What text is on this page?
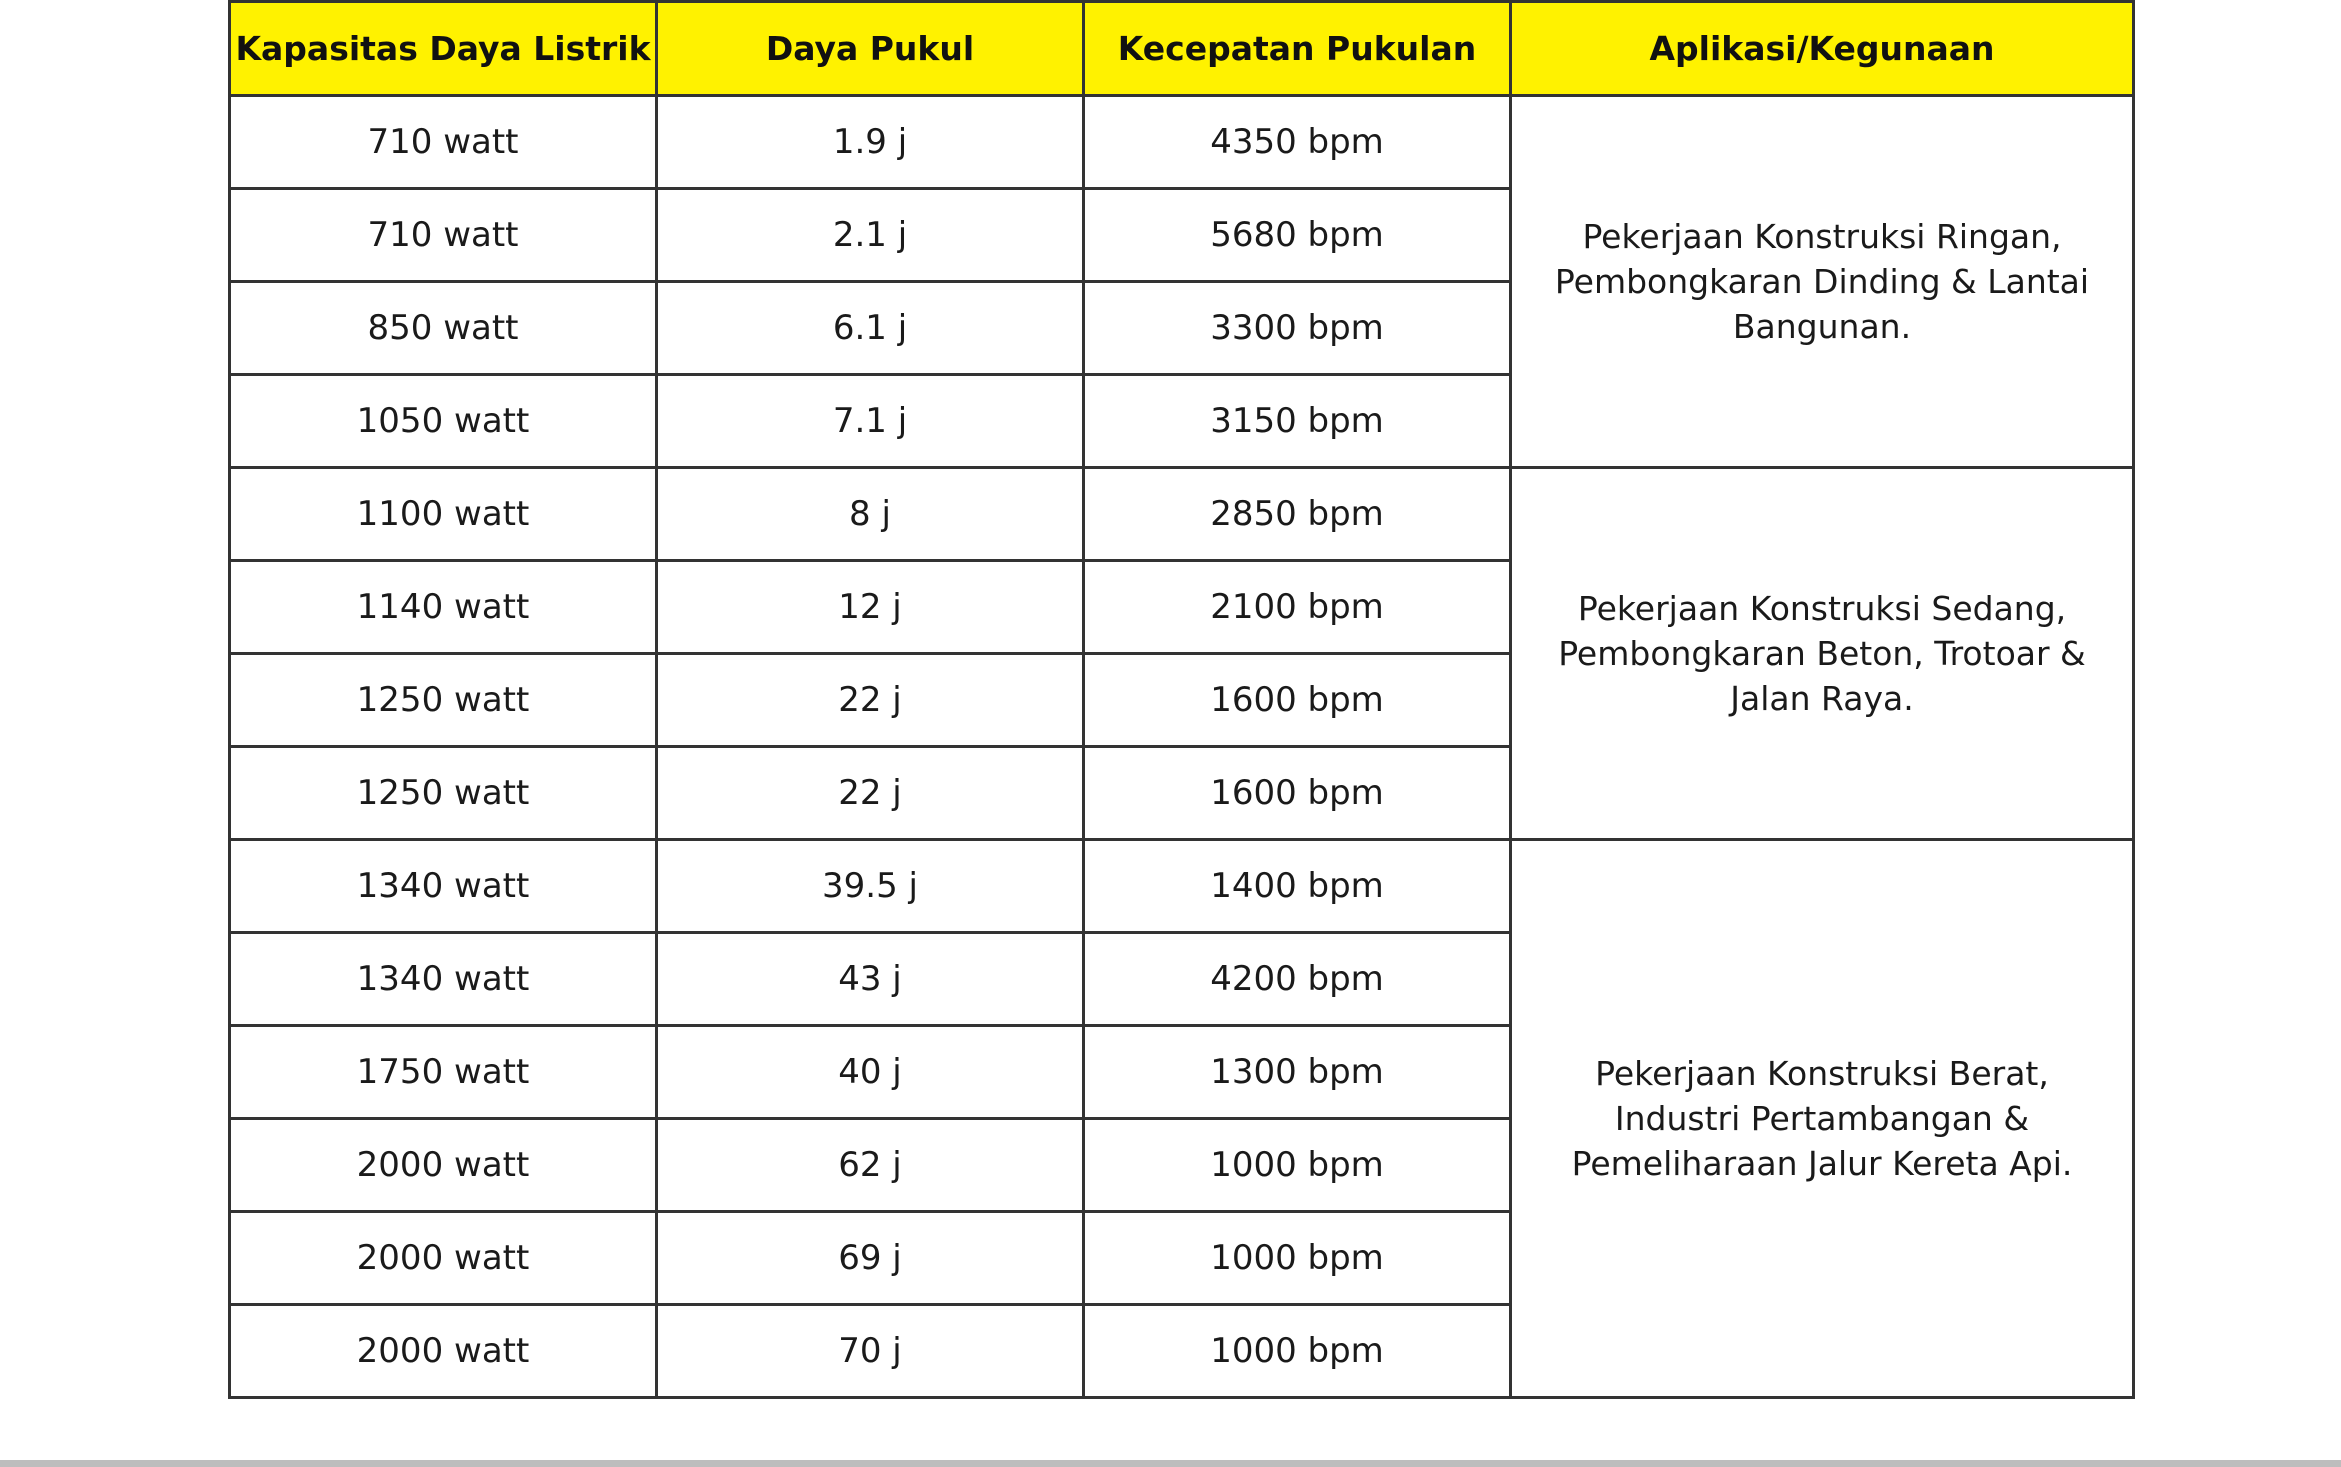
Kapasitas Daya Listrik	Daya Pukul	Kecepatan Pukulan	Aplikasi/Kegunaan
710 watt	1.9 j	4350 bpm	Pekerjaan Konstruksi Ringan, Pembongkaran Dinding & Lantai Bangunan.
710 watt	2.1 j	5680 bpm	
850 watt	6.1 j	3300 bpm	
1050 watt	7.1 j	3150 bpm	
1100 watt	8 j	2850 bpm	Pekerjaan Konstruksi Sedang, Pembongkaran Beton, Trotoar & Jalan Raya.
1140 watt	12 j	2100 bpm	
1250 watt	22 j	1600 bpm	
1250 watt	22 j	1600 bpm	
1340 watt	39.5 j	1400 bpm	Pekerjaan Konstruksi Berat, Industri Pertambangan & Pemeliharaan Jalur Kereta Api.
1340 watt	43 j	4200 bpm	
1750 watt	40 j	1300 bpm	
2000 watt	62 j	1000 bpm	
2000 watt	69 j	1000 bpm	
2000 watt	70 j	1000 bpm	
